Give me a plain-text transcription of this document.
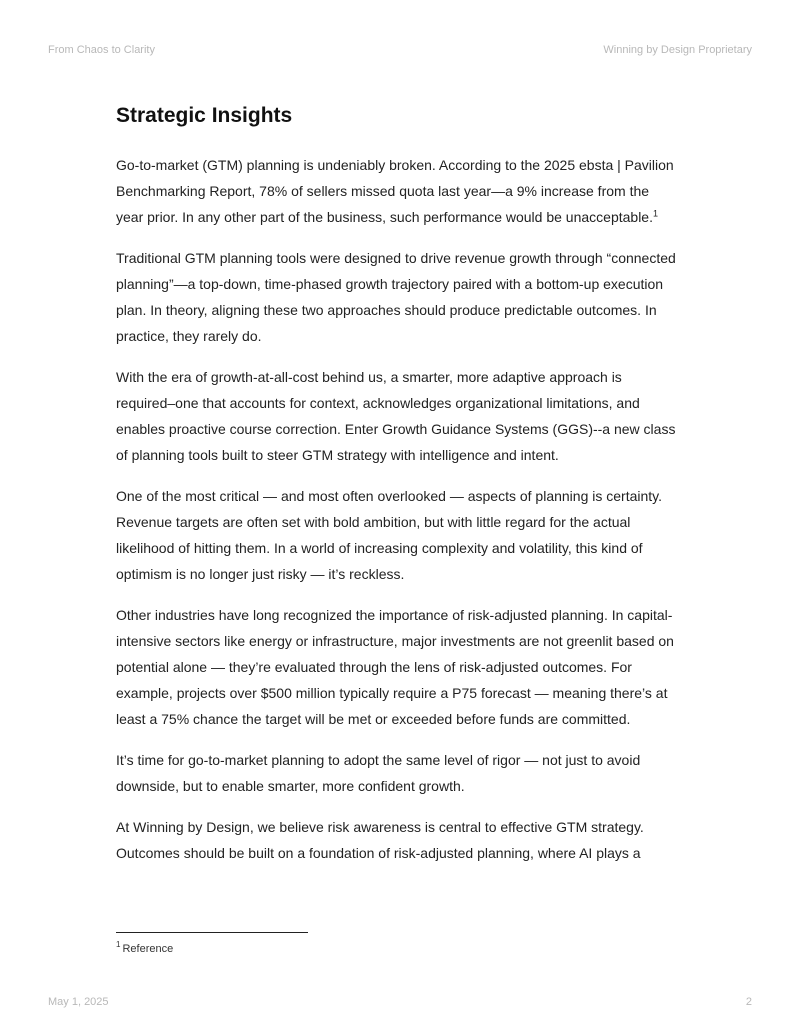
From Chaos to Clarity	Winning by Design Proprietary
Strategic Insights

Go-to-market (GTM) planning is undeniably broken. According to the 2025 ebsta | Pavilion Benchmarking Report, 78% of sellers missed quota last year—a 9% increase from the year prior. In any other part of the business, such performance would be unacceptable.$^1$

Traditional GTM planning tools were designed to drive revenue growth through “connected planning”—a top-down, time-phased growth trajectory paired with a bottom-up execution plan. In theory, aligning these two approaches should produce predictable outcomes. In practice, they rarely do.

With the era of growth-at-all-cost behind us, a smarter, more adaptive approach is required–one that accounts for context, acknowledges organizational limitations, and enables proactive course correction. Enter Growth Guidance Systems (GGS)--a new class of planning tools built to steer GTM strategy with intelligence and intent.

One of the most critical — and most often overlooked — aspects of planning is certainty. Revenue targets are often set with bold ambition, but with little regard for the actual likelihood of hitting them. In a world of increasing complexity and volatility, this kind of optimism is no longer just risky — it’s reckless.

Other industries have long recognized the importance of risk-adjusted planning. In capital-intensive sectors like energy or infrastructure, major investments are not greenlit based on potential alone — they’re evaluated through the lens of risk-adjusted outcomes. For example, projects over $500 million typically require a P75 forecast — meaning there’s at least a 75% chance the target will be met or exceeded before funds are committed.

It’s time for go-to-market planning to adopt the same level of rigor — not just to avoid downside, but to enable smarter, more confident growth.

At Winning by Design, we believe risk awareness is central to effective GTM strategy. Outcomes should be built on a foundation of risk-adjusted planning, where AI plays a

$^1$ Reference
May 1, 2025	2
